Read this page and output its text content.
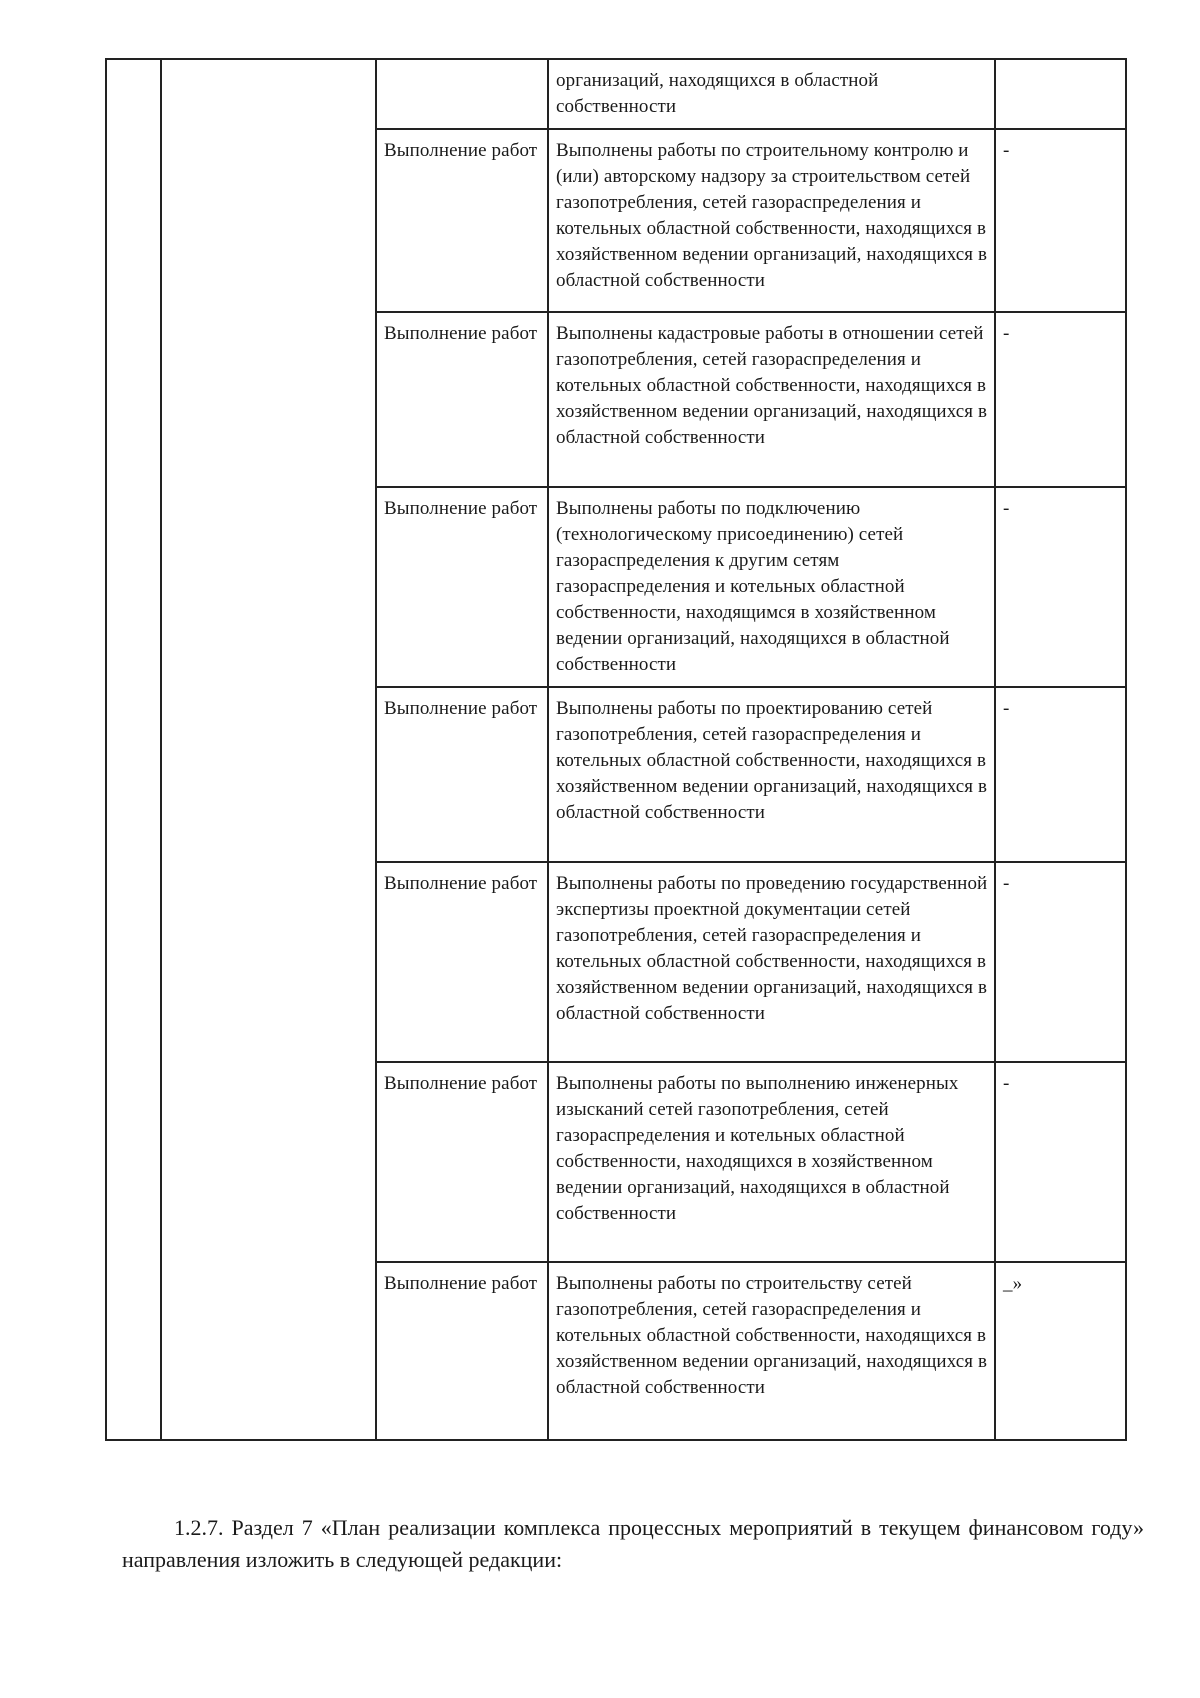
			организаций, находящихся в областной собственности	
		Выполнение работ	Выполнены работы по строительному контролю и (или) авторскому надзору за строительством сетей газопотребления, сетей газораспределения и котельных областной собственности, находящихся в хозяйственном ведении организаций, находящихся в областной собственности	-
		Выполнение работ	Выполнены кадастровые работы в отношении сетей газопотребления, сетей газораспределения и котельных областной собственности, находящихся в хозяйственном ведении организаций, находящихся в областной собственности	-
		Выполнение работ	Выполнены работы по подключению (технологическому присоединению) сетей газораспределения к другим сетям газораспределения и котельных областной собственности, находящимся в хозяйственном ведении организаций, находящихся в областной собственности	-
		Выполнение работ	Выполнены работы по проектированию сетей газопотребления, сетей газораспределения и котельных областной собственности, находящихся в хозяйственном ведении организаций, находящихся в областной собственности	-
		Выполнение работ	Выполнены работы по проведению государственной экспертизы проектной документации сетей газопотребления, сетей газораспределения и котельных областной собственности, находящихся в хозяйственном ведении организаций, находящихся в областной собственности	-
		Выполнение работ	Выполнены работы по выполнению инженерных изысканий сетей газопотребления, сетей газораспределения и котельных областной собственности, находящихся в хозяйственном ведении организаций, находящихся в областной собственности	-
		Выполнение работ	Выполнены работы по строительству сетей газопотребления, сетей газораспределения и котельных областной собственности, находящихся в хозяйственном ведении организаций, находящихся в областной собственности	_»

1.2.7. Раздел 7 «План реализации комплекса процессных мероприятий в текущем финансовом году» направления изложить в следующей редакции:
